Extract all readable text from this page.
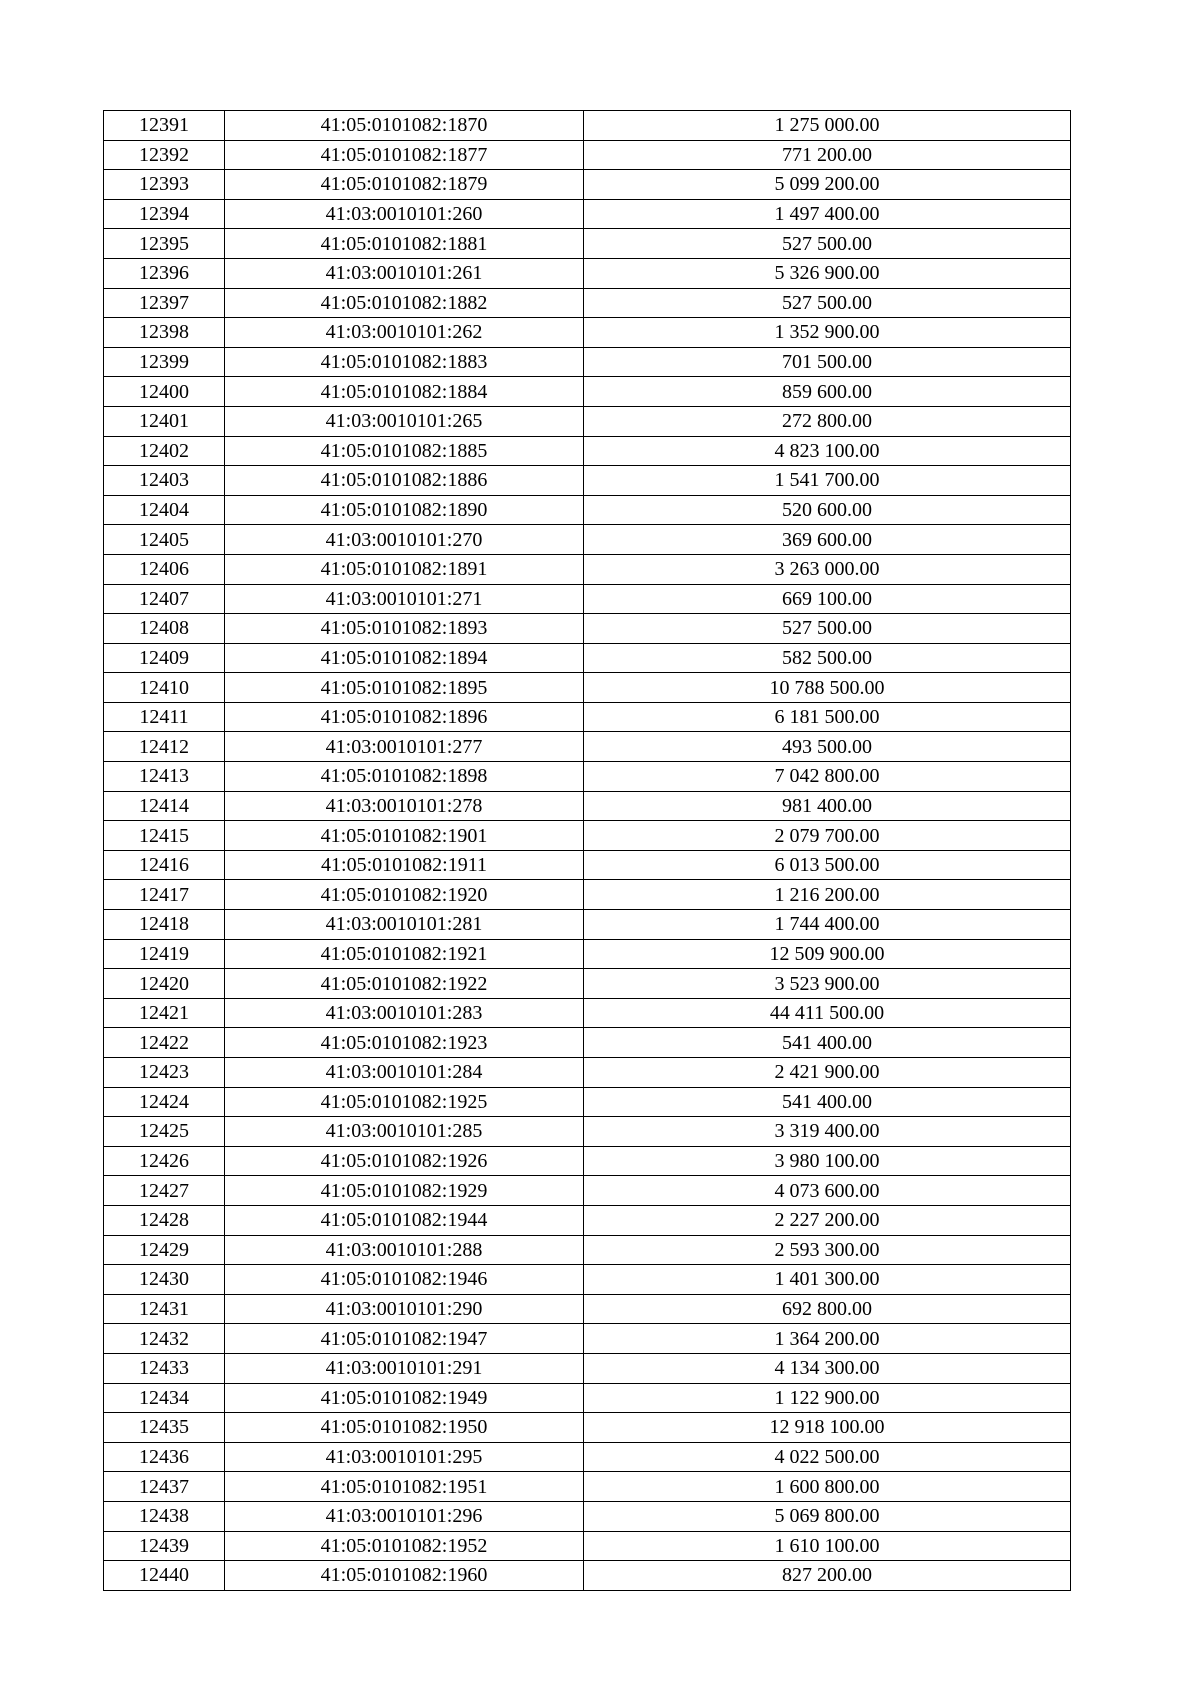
12391	41:05:0101082:1870	1 275 000.00
12392	41:05:0101082:1877	771 200.00
12393	41:05:0101082:1879	5 099 200.00
12394	41:03:0010101:260	1 497 400.00
12395	41:05:0101082:1881	527 500.00
12396	41:03:0010101:261	5 326 900.00
12397	41:05:0101082:1882	527 500.00
12398	41:03:0010101:262	1 352 900.00
12399	41:05:0101082:1883	701 500.00
12400	41:05:0101082:1884	859 600.00
12401	41:03:0010101:265	272 800.00
12402	41:05:0101082:1885	4 823 100.00
12403	41:05:0101082:1886	1 541 700.00
12404	41:05:0101082:1890	520 600.00
12405	41:03:0010101:270	369 600.00
12406	41:05:0101082:1891	3 263 000.00
12407	41:03:0010101:271	669 100.00
12408	41:05:0101082:1893	527 500.00
12409	41:05:0101082:1894	582 500.00
12410	41:05:0101082:1895	10 788 500.00
12411	41:05:0101082:1896	6 181 500.00
12412	41:03:0010101:277	493 500.00
12413	41:05:0101082:1898	7 042 800.00
12414	41:03:0010101:278	981 400.00
12415	41:05:0101082:1901	2 079 700.00
12416	41:05:0101082:1911	6 013 500.00
12417	41:05:0101082:1920	1 216 200.00
12418	41:03:0010101:281	1 744 400.00
12419	41:05:0101082:1921	12 509 900.00
12420	41:05:0101082:1922	3 523 900.00
12421	41:03:0010101:283	44 411 500.00
12422	41:05:0101082:1923	541 400.00
12423	41:03:0010101:284	2 421 900.00
12424	41:05:0101082:1925	541 400.00
12425	41:03:0010101:285	3 319 400.00
12426	41:05:0101082:1926	3 980 100.00
12427	41:05:0101082:1929	4 073 600.00
12428	41:05:0101082:1944	2 227 200.00
12429	41:03:0010101:288	2 593 300.00
12430	41:05:0101082:1946	1 401 300.00
12431	41:03:0010101:290	692 800.00
12432	41:05:0101082:1947	1 364 200.00
12433	41:03:0010101:291	4 134 300.00
12434	41:05:0101082:1949	1 122 900.00
12435	41:05:0101082:1950	12 918 100.00
12436	41:03:0010101:295	4 022 500.00
12437	41:05:0101082:1951	1 600 800.00
12438	41:03:0010101:296	5 069 800.00
12439	41:05:0101082:1952	1 610 100.00
12440	41:05:0101082:1960	827 200.00
